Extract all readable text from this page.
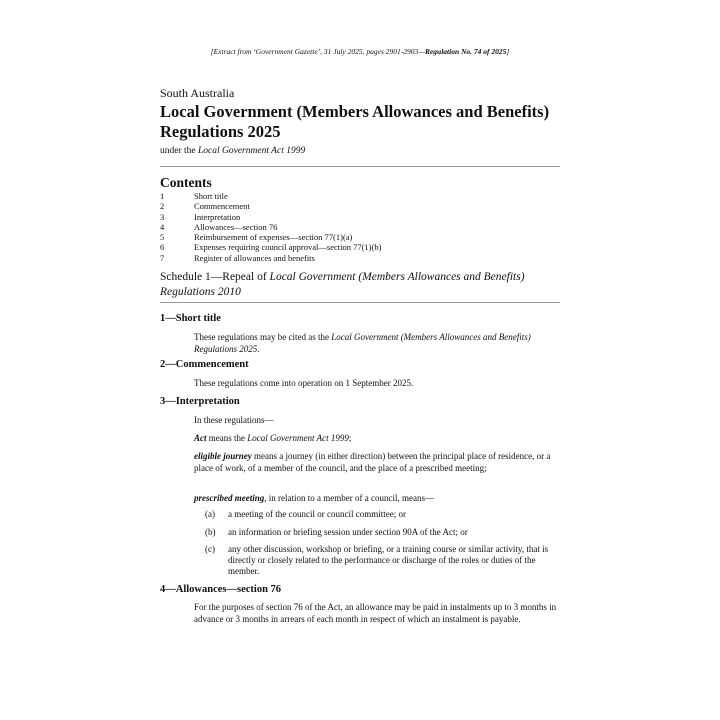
[Extract from ‘Government Gazette’, 31 July 2025, pages 2901-2903—Regulation No. 74 of 2025]
South Australia
Local Government (Members Allowances and Benefits) Regulations 2025
under the Local Government Act 1999
Contents
1	Short title
2	Commencement
3	Interpretation
4	Allowances—section 76
5	Reimbursement of expenses—section 77(1)(a)
6	Expenses requiring council approval—section 77(1)(b)
7	Register of allowances and benefits
Schedule 1—Repeal of Local Government (Members Allowances and Benefits) Regulations 2010
1—Short title
These regulations may be cited as the Local Government (Members Allowances and Benefits) Regulations 2025.
2—Commencement
These regulations come into operation on 1 September 2025.
3—Interpretation
In these regulations—
Act means the Local Government Act 1999;
eligible journey means a journey (in either direction) between the principal place of residence, or a place of work, of a member of the council, and the place of a prescribed meeting;
prescribed meeting, in relation to a member of a council, means—
(a)	a meeting of the council or council committee; or
(b)	an information or briefing session under section 90A of the Act; or
(c)	any other discussion, workshop or briefing, or a training course or similar activity, that is directly or closely related to the performance or discharge of the roles or duties of the member.
4—Allowances—section 76
For the purposes of section 76 of the Act, an allowance may be paid in instalments up to 3 months in advance or 3 months in arrears of each month in respect of which an instalment is payable.
